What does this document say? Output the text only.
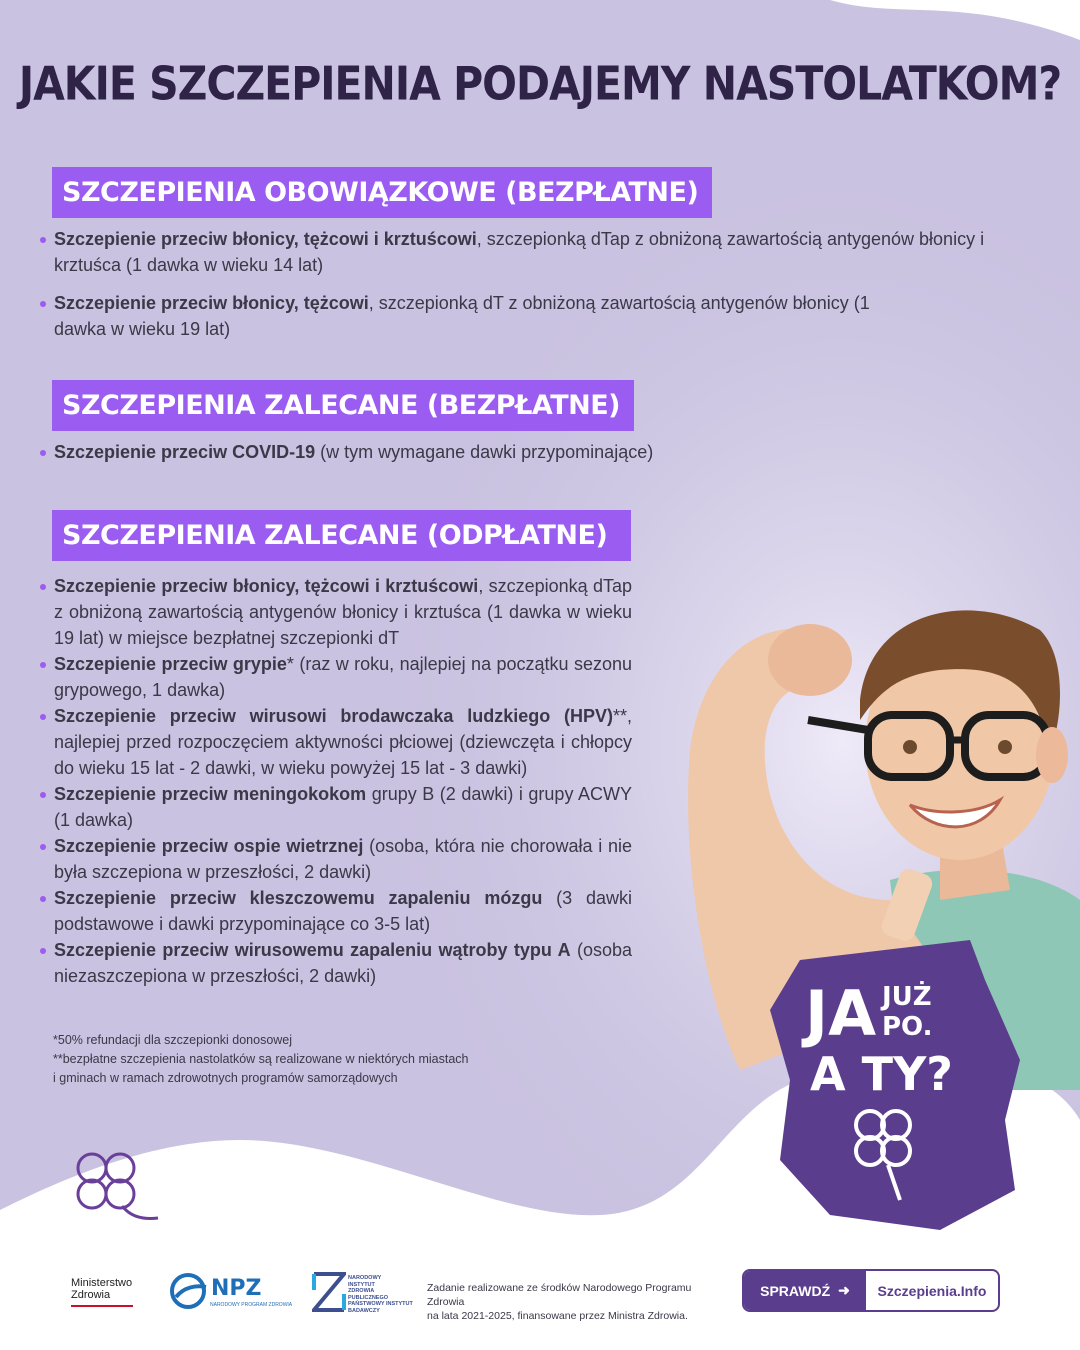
JAKIE SZCZEPIENIA PODAJEMY NASTOLATKOM?
SZCZEPIENIA OBOWIĄZKOWE (BEZPŁATNE)
Szczepienie przeciw błonicy, tężcowi i krztuścowi, szczepionką dTap z obniżoną zawartością antygenów błonicy i krztuśca (1 dawka w wieku 14 lat)
Szczepienie przeciw błonicy, tężcowi, szczepionką dT z obniżoną zawartością antygenów błonicy (1 dawka w wieku 19 lat)
SZCZEPIENIA ZALECANE (BEZPŁATNE)
Szczepienie przeciw COVID-19 (w tym wymagane dawki przypominające)
SZCZEPIENIA ZALECANE (ODPŁATNE)
Szczepienie przeciw błonicy, tężcowi i krztuścowi, szczepionką dTap z obniżoną zawartością antygenów błonicy i krztuśca (1 dawka w wieku 19 lat) w miejsce bezpłatnej szczepionki dT
Szczepienie przeciw grypie* (raz w roku, najlepiej na początku sezonu grypowego, 1 dawka)
Szczepienie przeciw wirusowi brodawczaka ludzkiego (HPV)**, najlepiej przed rozpoczęciem aktywności płciowej (dziewczęta i chłopcy do wieku 15 lat - 2 dawki, w wieku powyżej 15 lat - 3 dawki)
Szczepienie przeciw meningokokom grupy B (2 dawki) i grupy ACWY (1 dawka)
Szczepienie przeciw ospie wietrznej (osoba, która nie chorowała i nie była szczepiona w przeszłości, 2 dawki)
Szczepienie przeciw kleszczowemu zapaleniu mózgu (3 dawki podstawowe i dawki przypominające co 3-5 lat)
Szczepienie przeciw wirusowemu zapaleniu wątroby typu A (osoba niezaszczepiona w przeszłości, 2 dawki)
*50% refundacji dla szczepionki donosowej
**bezpłatne szczepienia nastolatków są realizowane w niektórych miastach
i gminach w ramach zdrowotnych programów samorządowych
JA JUŻ
PO.
A TY?
Ministerstwo
Zdrowia	NPZ
NARODOWY PROGRAM ZDROWIA
NARODOWY
INSTYTUT
ZDROWIA
PUBLICZNEGO
PAŃSTWOWY INSTYTUT
BADAWCZY
Zadanie realizowane ze środków Narodowego Programu Zdrowia
na lata 2021-2025, finansowane przez Ministra Zdrowia.
SPRAWDŹ ➜	Szczepienia.Info
